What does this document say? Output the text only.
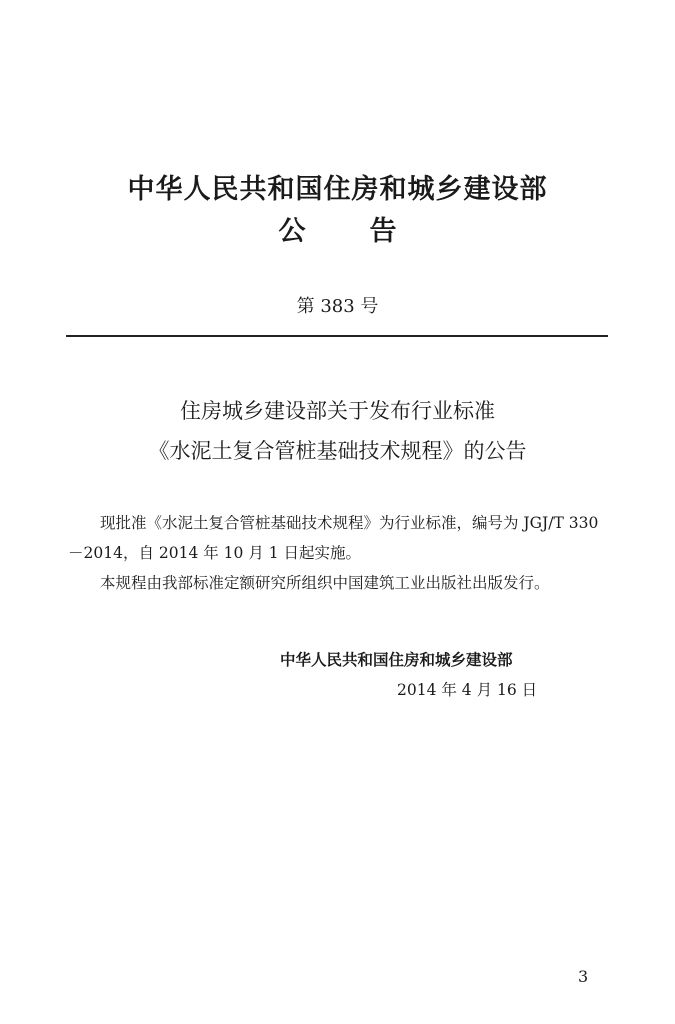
中华人民共和国住房和城乡建设部
公告
第 383 号
住房城乡建设部关于发布行业标准
《水泥土复合管桩基础技术规程》的公告
现批准《水泥土复合管桩基础技术规程》为行业标准，编号为 JGJ/T 330－2014，自 2014 年 10 月 1 日起实施。
本规程由我部标准定额研究所组织中国建筑工业出版社出版发行。
中华人民共和国住房和城乡建设部
2014 年 4 月 16 日
3
